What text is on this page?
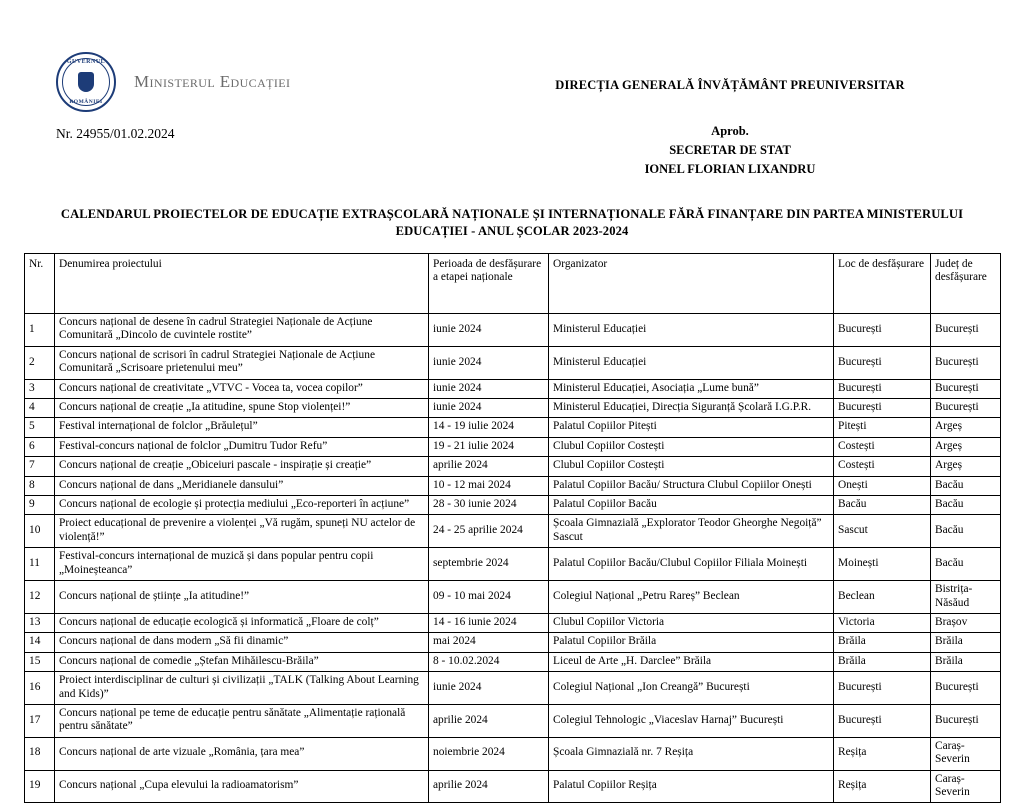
GUVERNUL
ROMÂNIEI
Ministerul Educației	DIRECȚIA GENERALĂ ÎNVĂȚĂMÂNT PREUNIVERSITAR
Nr. 24955/01.02.2024	Aprob.
SECRETAR DE STAT
IONEL FLORIAN LIXANDRU
CALENDARUL PROIECTELOR DE EDUCAȚIE EXTRAȘCOLARĂ NAȚIONALE ȘI INTERNAȚIONALE FĂRĂ FINANȚARE DIN PARTEA MINISTERULUI
EDUCAȚIEI - ANUL ȘCOLAR 2023-2024
Nr.	Denumirea proiectului	Perioada de desfășurare a etapei naționale	Organizator	Loc de desfășurare	Județ de desfășurare
1	Concurs național de desene în cadrul Strategiei Naționale de Acțiune Comunitară „Dincolo de cuvintele rostite”	iunie 2024	Ministerul Educației	București	București
2	Concurs național de scrisori în cadrul Strategiei Naționale de Acțiune Comunitară „Scrisoare prietenului meu”	iunie 2024	Ministerul Educației	București	București
3	Concurs național de creativitate „VTVC - Vocea ta, vocea copilor”	iunie 2024	Ministerul Educației, Asociația „Lume bună”	București	București
4	Concurs național de creație „Ia atitudine, spune Stop violenței!”	iunie 2024	Ministerul Educației, Direcția Siguranță Școlară I.G.P.R.	București	București
5	Festival internațional de folclor „Brăulețul”	14 - 19 iulie 2024	Palatul Copiilor Pitești	Pitești	Argeș
6	Festival-concurs național de folclor „Dumitru Tudor Refu”	19 - 21 iulie 2024	Clubul Copiilor Costești	Costești	Argeș
7	Concurs național de creație „Obiceiuri pascale - inspirație și creație”	aprilie 2024	Clubul Copiilor Costești	Costești	Argeș
8	Concurs național de dans „Meridianele dansului”	10 - 12 mai 2024	Palatul Copiilor Bacău/ Structura Clubul Copiilor Onești	Onești	Bacău
9	Concurs național de ecologie și protecția mediului „Eco-reporteri în acțiune”	28 - 30 iunie 2024	Palatul Copiilor Bacău	Bacău	Bacău
10	Proiect educațional de prevenire a violenței „Vă rugăm, spuneți NU actelor de violență!”	24 - 25 aprilie 2024	Școala Gimnazială „Explorator Teodor Gheorghe Negoiță” Sascut	Sascut	Bacău
11	Festival-concurs internațional de muzică și dans popular pentru copii „Moineșteanca”	septembrie 2024	Palatul Copiilor Bacău/Clubul Copiilor Filiala Moinești	Moinești	Bacău
12	Concurs național de științe „Ia atitudine!”	09 - 10 mai 2024	Colegiul Național „Petru Rareș” Beclean	Beclean	Bistrița-Năsăud
13	Concurs național de educație ecologică și informatică „Floare de colț”	14 - 16 iunie 2024	Clubul Copiilor Victoria	Victoria	Brașov
14	Concurs național de dans modern „Să fii dinamic”	mai 2024	Palatul Copiilor Brăila	Brăila	Brăila
15	Concurs național de comedie „Ștefan Mihăilescu-Brăila”	8 - 10.02.2024	Liceul de Arte „H. Darclee” Brăila	Brăila	Brăila
16	Proiect interdisciplinar de culturi și civilizații „TALK (Talking About Learning and Kids)”	iunie 2024	Colegiul Național „Ion Creangă” București	București	București
17	Concurs național pe teme de educație pentru sănătate „Alimentație rațională pentru sănătate”	aprilie 2024	Colegiul Tehnologic „Viaceslav Harnaj” București	București	București
18	Concurs național de arte vizuale „România, țara mea”	noiembrie 2024	Școala Gimnazială nr. 7 Reșița	Reșița	Caraș-Severin
19	Concurs național „Cupa elevului la radioamatorism”	aprilie 2024	Palatul Copiilor Reșița	Reșița	Caraș-Severin
